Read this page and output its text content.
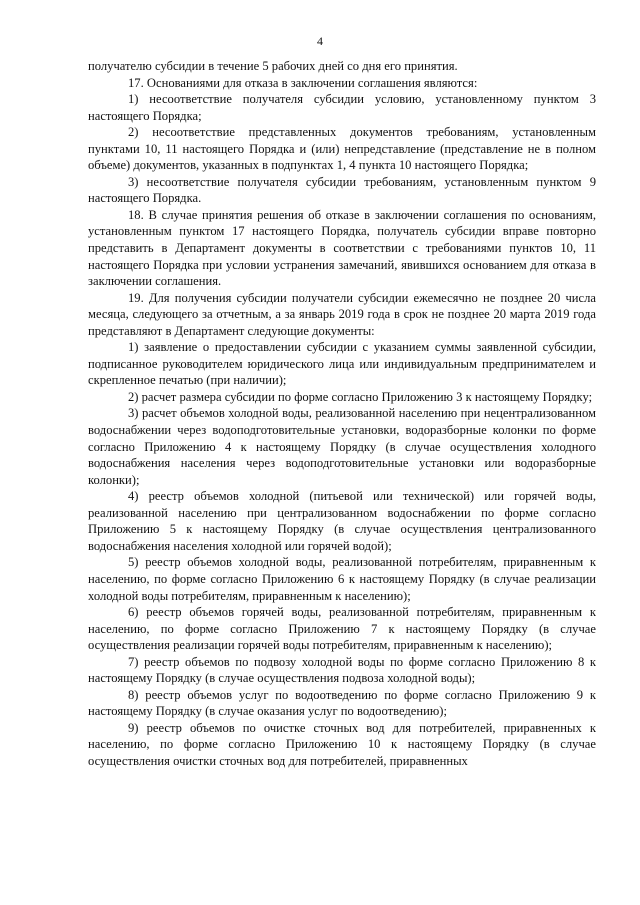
4

получателю субсидии в течение 5 рабочих дней со дня его принятия.

17. Основаниями для отказа в заключении соглашения являются:

1) несоответствие получателя субсидии условию, установленному пунктом 3 настоящего Порядка;

2) несоответствие представленных документов требованиям, установленным пунктами 10, 11 настоящего Порядка и (или) непредставление (представление не в полном объеме) документов, указанных в подпунктах 1, 4 пункта 10 настоящего Порядка;

3) несоответствие получателя субсидии требованиям, установленным пунктом 9 настоящего Порядка.

18. В случае принятия решения об отказе в заключении соглашения по основаниям, установленным пунктом 17 настоящего Порядка, получатель субсидии вправе повторно представить в Департамент документы в соответствии с требованиями пунктов 10, 11 настоящего Порядка при условии устранения замечаний, явившихся основанием для отказа в заключении соглашения.

19. Для получения субсидии получатели субсидии ежемесячно не позднее 20 числа месяца, следующего за отчетным, а за январь 2019 года в срок не позднее 20 марта 2019 года представляют в Департамент следующие документы:

1) заявление о предоставлении субсидии с указанием суммы заявленной субсидии, подписанное руководителем юридического лица или индивидуальным предпринимателем и скрепленное печатью (при наличии);

2) расчет размера субсидии по форме согласно Приложению 3 к настоящему Порядку;

3) расчет объемов холодной воды, реализованной населению при нецентрализованном водоснабжении через водоподготовительные установки, водоразборные колонки по форме согласно Приложению 4 к настоящему Порядку (в случае осуществления холодного водоснабжения населения через водоподготовительные установки или водоразборные колонки);

4) реестр объемов холодной (питьевой или технической) или горячей воды, реализованной населению при централизованном водоснабжении по форме согласно Приложению 5 к настоящему Порядку (в случае осуществления централизованного водоснабжения населения холодной или горячей водой);

5) реестр объемов холодной воды, реализованной потребителям, приравненным к населению, по форме согласно Приложению 6 к настоящему Порядку (в случае реализации холодной воды потребителям, приравненным к населению);

6) реестр объемов горячей воды, реализованной потребителям, приравненным к населению, по форме согласно Приложению 7 к настоящему Порядку (в случае осуществления реализации горячей воды потребителям, приравненным к населению);

7) реестр объемов по подвозу холодной воды по форме согласно Приложению 8 к настоящему Порядку (в случае осуществления подвоза холодной воды);

8) реестр объемов услуг по водоотведению по форме согласно Приложению 9 к настоящему Порядку (в случае оказания услуг по водоотведению);

9) реестр объемов по очистке сточных вод для потребителей, приравненных к населению, по форме согласно Приложению 10 к настоящему Порядку (в случае осуществления очистки сточных вод для потребителей, приравненных
